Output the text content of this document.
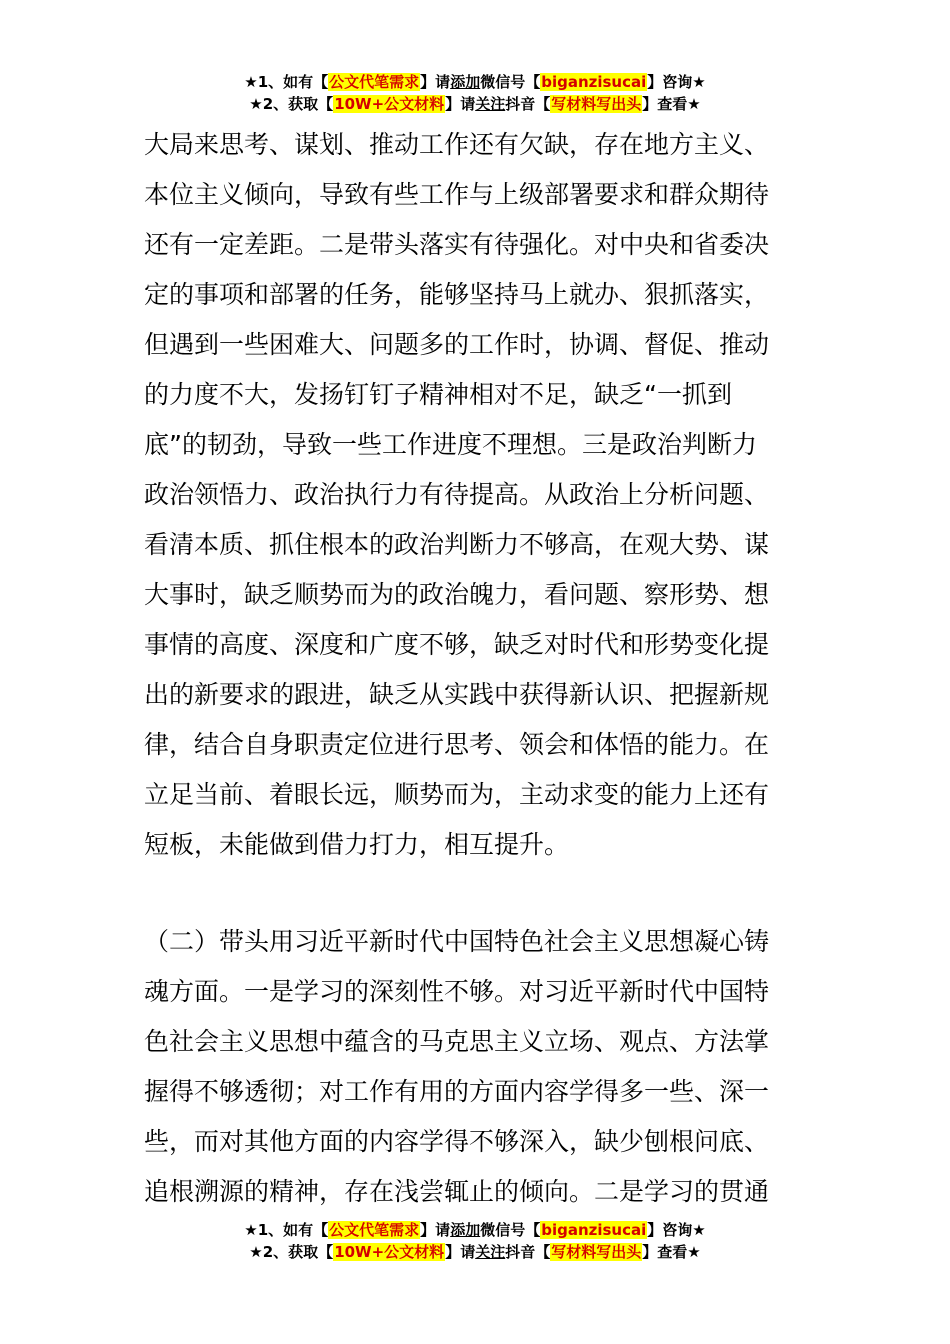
★1、如有【公文代笔需求】请添加微信号【biganzisucai】咨询★
★2、获取【10W+公文材料】请关注抖音【写材料写出头】查看★
大局来思考、谋划、推动工作还有欠缺，存在地方主义、
本位主义倾向，导致有些工作与上级部署要求和群众期待
还有一定差距。二是带头落实有待强化。对中央和省委决
定的事项和部署的任务，能够坚持马上就办、狠抓落实，
但遇到一些困难大、问题多的工作时，协调、督促、推动
的力度不大，发扬钉钉子精神相对不足，缺乏“一抓到
底”的韧劲，导致一些工作进度不理想。三是政治判断力
政治领悟力、政治执行力有待提高。从政治上分析问题、
看清本质、抓住根本的政治判断力不够高，在观大势、谋
大事时，缺乏顺势而为的政治魄力，看问题、察形势、想
事情的高度、深度和广度不够，缺乏对时代和形势变化提
出的新要求的跟进，缺乏从实践中获得新认识、把握新规
律，结合自身职责定位进行思考、领会和体悟的能力。在
立足当前、着眼长远，顺势而为，主动求变的能力上还有
短板，未能做到借力打力，相互提升。
（二）带头用习近平新时代中国特色社会主义思想凝心铸
魂方面。一是学习的深刻性不够。对习近平新时代中国特
色社会主义思想中蕴含的马克思主义立场、观点、方法掌
握得不够透彻；对工作有用的方面内容学得多一些、深一
些，而对其他方面的内容学得不够深入，缺少刨根问底、
追根溯源的精神，存在浅尝辄止的倾向。二是学习的贯通
★1、如有【公文代笔需求】请添加微信号【biganzisucai】咨询★
★2、获取【10W+公文材料】请关注抖音【写材料写出头】查看★
